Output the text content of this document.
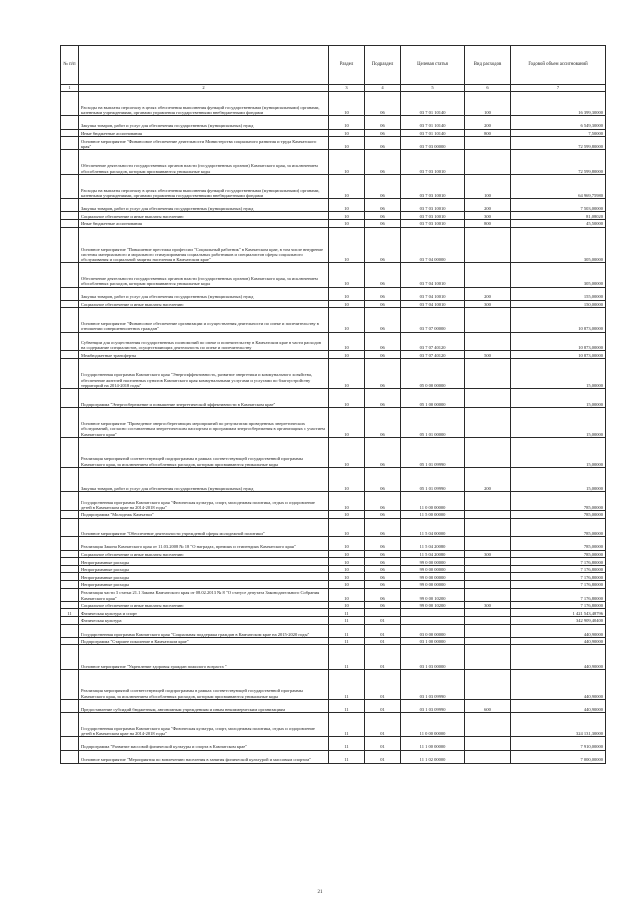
№ п/п		Раздел	Подраздел	Целевая статья	Вид расходов	Годовой объем ассигнований
1	2	3	4	5	6	7
	Расходы на выплаты персоналу в целях обеспечения выполнения функций государственными (муниципальными) органами, казенными учреждениями, органами управления государственными внебюджетными фондами	10	06	03 7 01 10140	100	16 399,30000
	Закупка товаров, работ и услуг для обеспечения государственных (муниципальных) нужд	10	06	03 7 01 10140	200	6 549,30000
	Иные бюджетные ассигнования	10	06	03 7 01 10140	800	7,50000
	Основное мероприятие "Финансовое обеспечение деятельности Министерства социального развития и труда Камчатского края"	10	06	03 7 03 00000		72 599,80000
	Обеспечение деятельности государственных органов власти (государственных органов) Камчатского края, за исключением обособленных расходов, которым присваиваются уникальные коды	10	06	03 7 03 10010		72 599,80000
	Расходы на выплаты персоналу в целях обеспечения выполнения функций государственными (муниципальными) органами, казенными учреждениями, органами управления государственными внебюджетными фондами	10	06	03 7 03 10010	100	64 969,75980
	Закупка товаров, работ и услуг для обеспечения государственных (муниципальных) нужд	10	06	03 7 03 10010	200	7 503,00000
	Социальное обеспечение и иные выплаты населению	10	06	03 7 03 10010	300	81,08020
	Иные бюджетные ассигнования	10	06	03 7 03 10010	800	45,50000
	Основное мероприятие "Повышение престижа профессии "Социальный работник" в Камчатском крае, в том числе внедрение системы материального и морального стимулирования социальных работников и специалистов сферы социального обслуживания и социальной защиты населения в Камчатском крае"	10	06	03 7 04 00000		305,00000
	Обеспечение деятельности государственных органов власти (государственных органов) Камчатского края, за исключением обособленных расходов, которым присваиваются уникальные коды	10	06	03 7 04 10010		305,00000
	Закупка товаров, работ и услуг для обеспечения государственных (муниципальных) нужд	10	06	03 7 04 10010	200	155,00000
	Социальное обеспечение и иные выплаты населению	10	06	03 7 04 10010	300	150,00000
	Основное мероприятие "Финансовое обеспечение организации и осуществления деятельности по опеке и попечительству в отношении совершеннолетних граждан"	10	06	03 7 07 00000		10 873,00000
	Субвенции для осуществления государственных полномочий по опеке и попечительству в Камчатском крае в части расходов на содержание специалистов, осуществляющих деятельность по опеке и попечительству	10	06	03 7 07 40120		10 873,00000
	Межбюджетные трансферты	10	06	03 7 07 40120	500	10 873,00000
	Государственная программа Камчатского края "Энергоэффективность, развитие энергетики и коммунального хозяйства, обеспечение жителей населенных пунктов Камчатского края коммунальными услугами и услугами по благоустройству территорий на 2014-2018 годы"	10	06	05 0 00 00000		15,00000
	Подпрограмма "Энергосбережение и повышение энергетической эффективности в Камчатском крае"	10	06	05 1 00 00000		15,00000
	Основное мероприятие "Проведение энергосберегающих мероприятий по результатам проведенных энергетических обследований, согласно составленным энергетическим паспортам и программам энергосбережения в организациях с участием Камчатского края"	10	06	05 1 01 00000		15,00000
	Реализация мероприятий соответствующей подпрограммы в рамках соответствующей государственной программы Камчатского края, за исключением обособленных расходов, которым присваиваются уникальные коды	10	06	05 1 01 09990		15,00000
	Закупка товаров, работ и услуг для обеспечения государственных (муниципальных) нужд	10	06	05 1 01 09990	200	15,00000
	Государственная программа Камчатского края "Физическая культура, спорт, молодежная политика, отдых и оздоровление детей в Камчатском крае на 2014-2018 годы"	10	06	11 0 00 00000		785,00000
	Подпрограмма "Молодежь Камчатки"	10	06	11 5 00 00000		785,00000
	Основное мероприятие "Обеспечение деятельности учреждений сферы молодежной политики"	10	06	11 5 04 00000		785,00000
	Реализация Закона Камчатского края от 11.03.2008 № 18 "О наградах, премиях и стипендиях Камчатского края"	10	06	11 5 04 20080		785,00000
	Социальное обеспечение и иные выплаты населению	10	06	11 5 04 20080	300	785,00000
	Непрограммные расходы	10	06	99 0 00 00000		7 176,80000
	Непрограммные расходы	10	06	99 0 00 00000		7 176,80000
	Непрограммные расходы	10	06	99 0 00 00000		7 176,80000
	Непрограммные расходы	10	06	99 0 00 00000		7 176,80000
	Реализация части 3 статьи 21.1 Закона Камчатского края от 08.02.2013 № 8 "О статусе депутата Законодательного Собрания Камчатского края"	10	06	99 0 00 10200		7 176,80000
	Социальное обеспечение и иные выплаты населению	10	06	99 0 00 10200	300	7 176,80000
11	Физическая культура и спорт	11				1 421 543,48796
	Физическая культура	11	01			342 909,40400
	Государственная программа Камчатского края "Социальная поддержка граждан в Камчатском крае на 2015-2020 годы"	11	01	03 0 00 00000		440,90000
	Подпрограмма "Старшее поколение в Камчатском крае"	11	01	03 1 00 00000		440,90000
	Основное мероприятие "Укрепление здоровья граждан пожилого возраста "	11	01	03 1 03 00000		440,90000
	Реализация мероприятий соответствующей подпрограммы в рамках соответствующей государственной программы Камчатского края, за исключением обособленных расходов, которым присваиваются уникальные коды	11	01	03 1 03 09990		440,90000
	Предоставление субсидий бюджетным, автономным учреждениям и иным некоммерческим организациям	11	01	03 1 03 09990	600	440,90000
	Государственная программа Камчатского края "Физическая культура, спорт, молодежная политика, отдых и оздоровление детей в Камчатском крае на 2014-2018 годы"	11	01	11 0 00 00000		324 131,30000
	Подпрограмма "Развитие массовой физической культуры и спорта в Камчатском крае"	11	01	11 1 00 00000		7 910,00000
	Основное мероприятие "Мероприятия по вовлечению населения в занятия физической культурой и массовым спортом"	11	01	11 1 02 00000		7 000,00000
21
